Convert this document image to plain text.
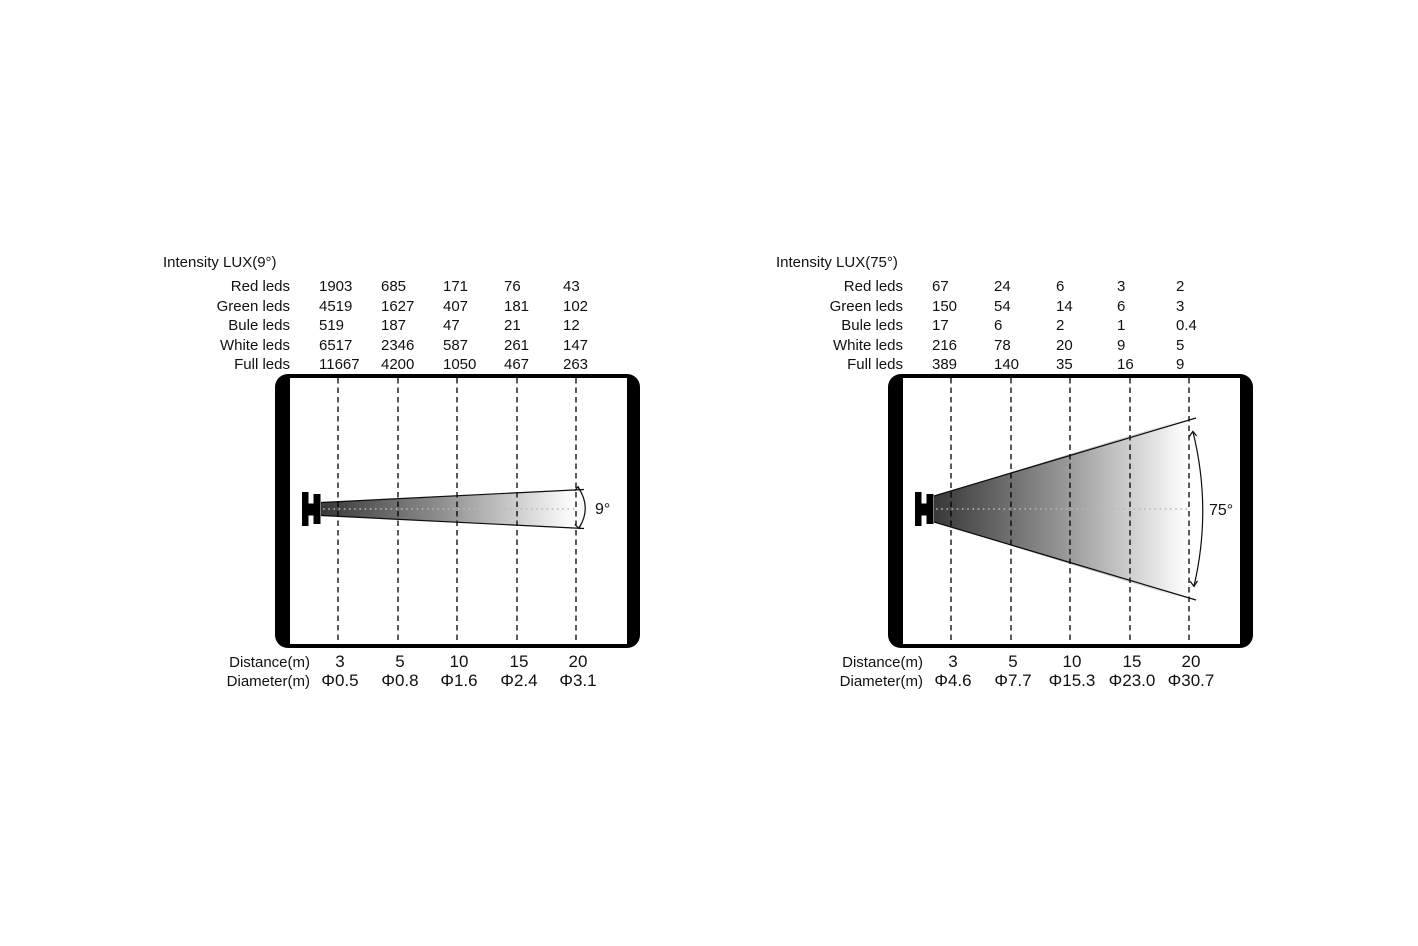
Intensity LUX(9°)
Red leds 1903 685 171 76	43
Green leds 4519 1627 407 181 102
Bule leds 519 187 47	21	12
White leds 6517 2346 587 261 147
Full leds 11667 4200 1050 467 263
9°
Distance(m) 3	5	10 15 20
Diameter(m) Φ0.5 Φ0.8 Φ1.6 Φ2.4 Φ3.1
Intensity LUX(75°)
Red leds 67	24	6	3	2
Green leds 150 54	14	6	3
Bule leds 17	6	2	1	0.4
White leds 216 78	20	9	5
Full leds 389 140 35	16	9
75°
Distance(m) 3	5	10 15 20
Diameter(m) Φ4.6 Φ7.7 Φ15.3 Φ23.0 Φ30.7
